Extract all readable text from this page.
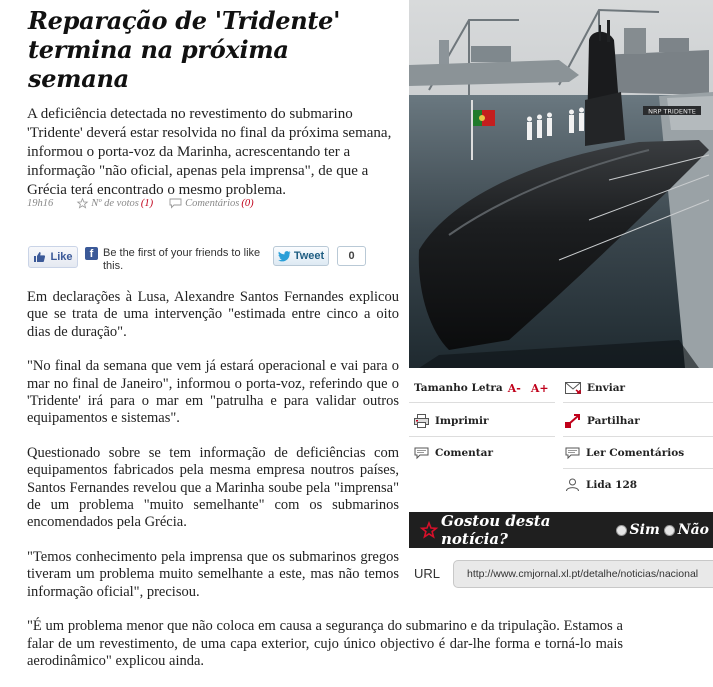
Reparação de 'Tridente' termina na próxima semana

A deficiência detectada no revestimento do submarino 'Tridente' deverá estar resolvida no final da próxima semana, informou o porta-voz da Marinha, acrescentando ter a informação "não oficial, apenas pela imprensa", de que a Grécia terá encontrado o mesmo problema.

19h16	Nº de votos (1)	Comentários (0)
Like	f Be the first of your friends to like this.
Tweet	0

Em declarações à Lusa, Alexandre Santos Fernandes explicou que se trata de uma intervenção "estimada entre cinco a oito dias de duração".

"No final da semana que vem já estará operacional e vai para o mar no final de Janeiro", informou o porta-voz, referindo que o 'Tridente' irá para o mar em "patrulha e para validar outros equipamentos e sistemas".

Questionado sobre se tem informação de deficiências com equipamentos fabricados pela mesma empresa noutros países, Santos Fernandes revelou que a Marinha soube pela "imprensa" de um problema "muito semelhante" com os submarinos encomendados pela Grécia.

"Temos conhecimento pela imprensa que os submarinos gregos tiveram um problema muito semelhante a este, mas não temos informação oficial", precisou.

"É um problema menor que não coloca em causa a segurança do submarino e da tripulação. Estamos a falar de um revestimento, de uma capa exterior, cujo único objectivo é dar-lhe forma e torná-lo mais aerodinâmico" explicou ainda.

NRP TRIDENTE
Tamanho Letra A- A+	Enviar
Imprimir	Partilhar
Comentar	Ler Comentários
Lida 128
Gostou desta notícia?	Sim Não
URL	http://www.cmjornal.xl.pt/detalhe/noticias/nacional
